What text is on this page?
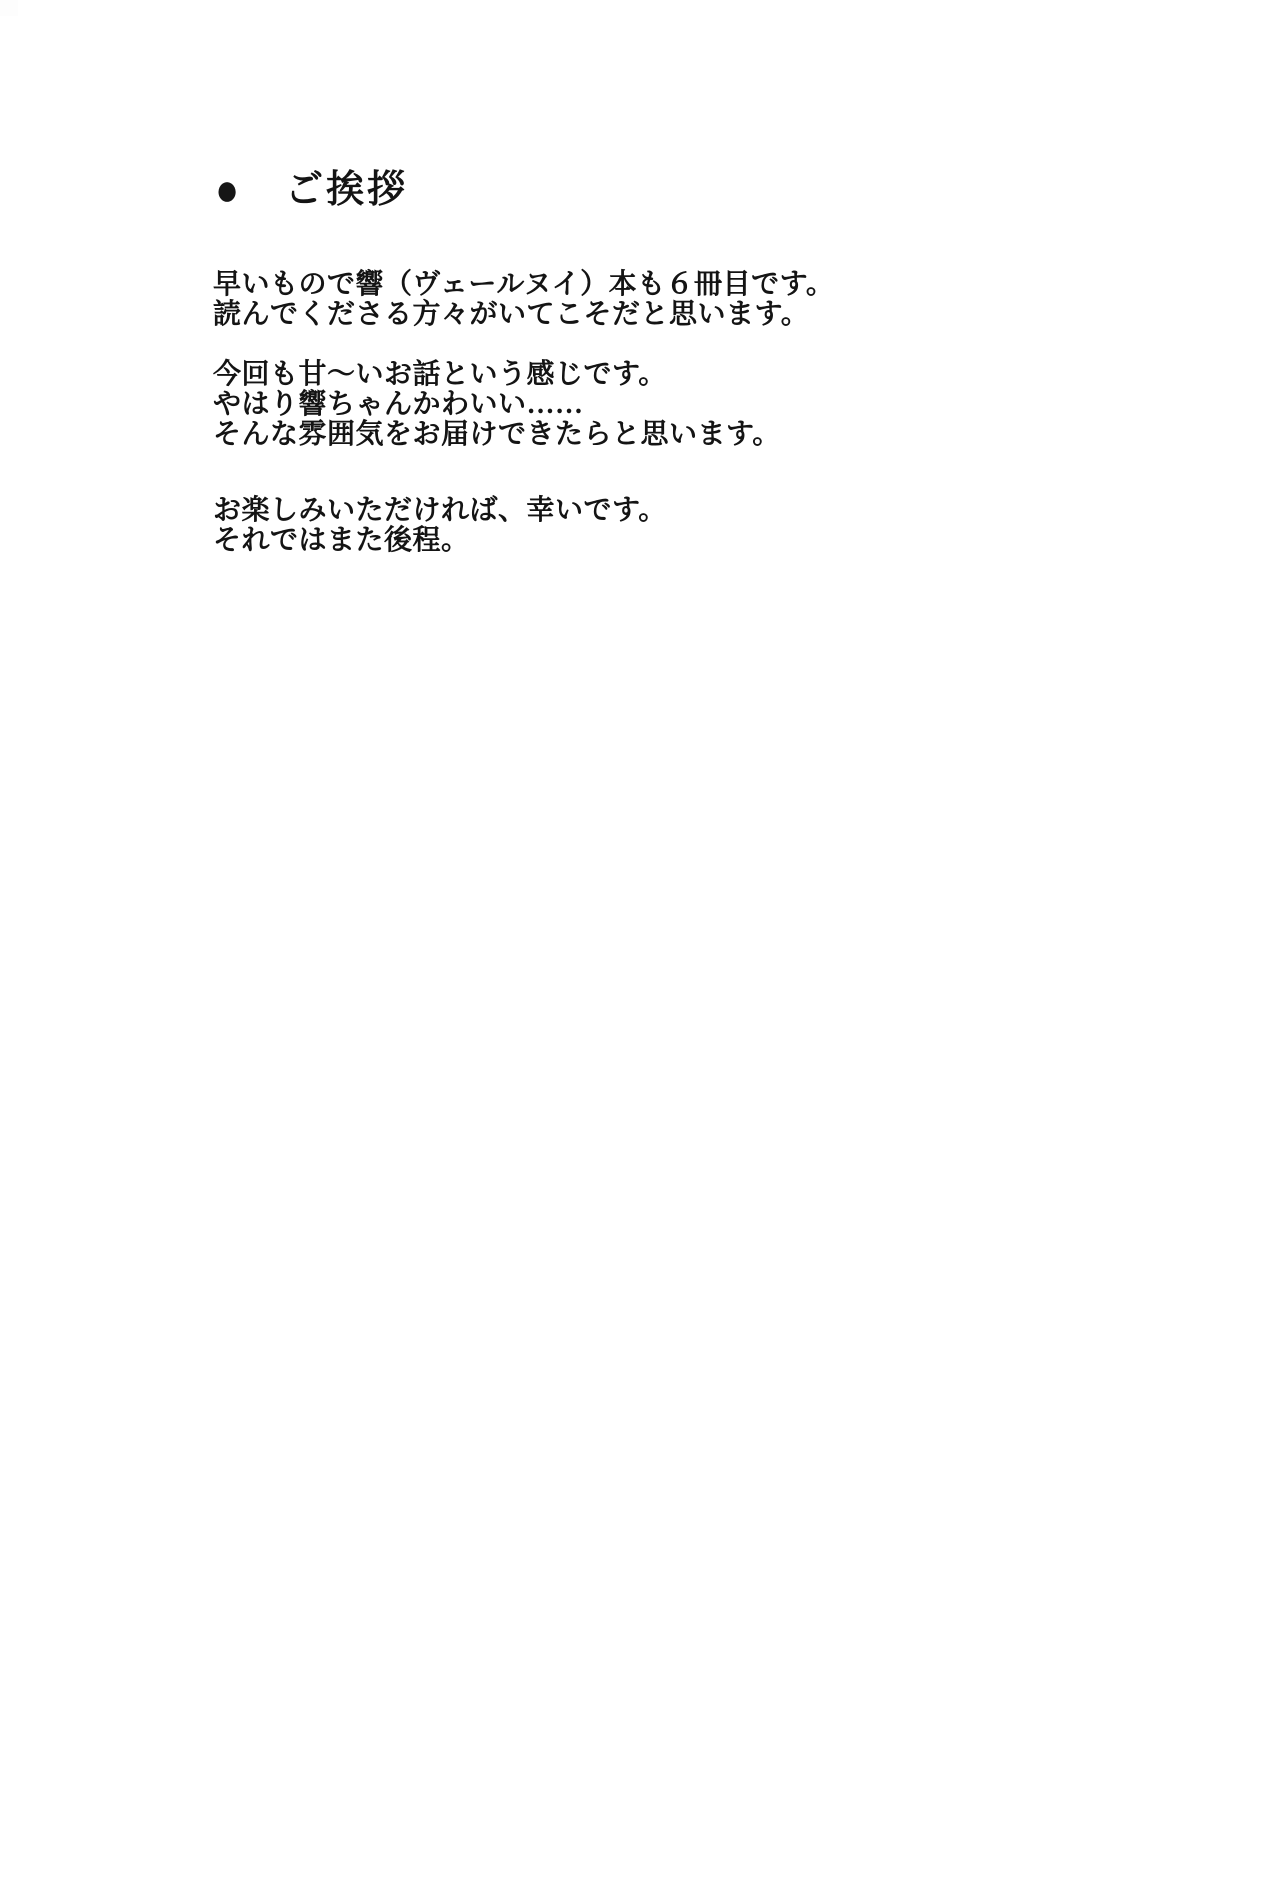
● ご挨拶
早いもので響（ヴェールヌイ）本も６冊目です。
読んでくださる方々がいてこそだと思います。
今回も甘〜いお話という感じです。
やはり響ちゃんかわいい……
そんな雰囲気をお届けできたらと思います。
お楽しみいただければ、幸いです。
それではまた後程。
